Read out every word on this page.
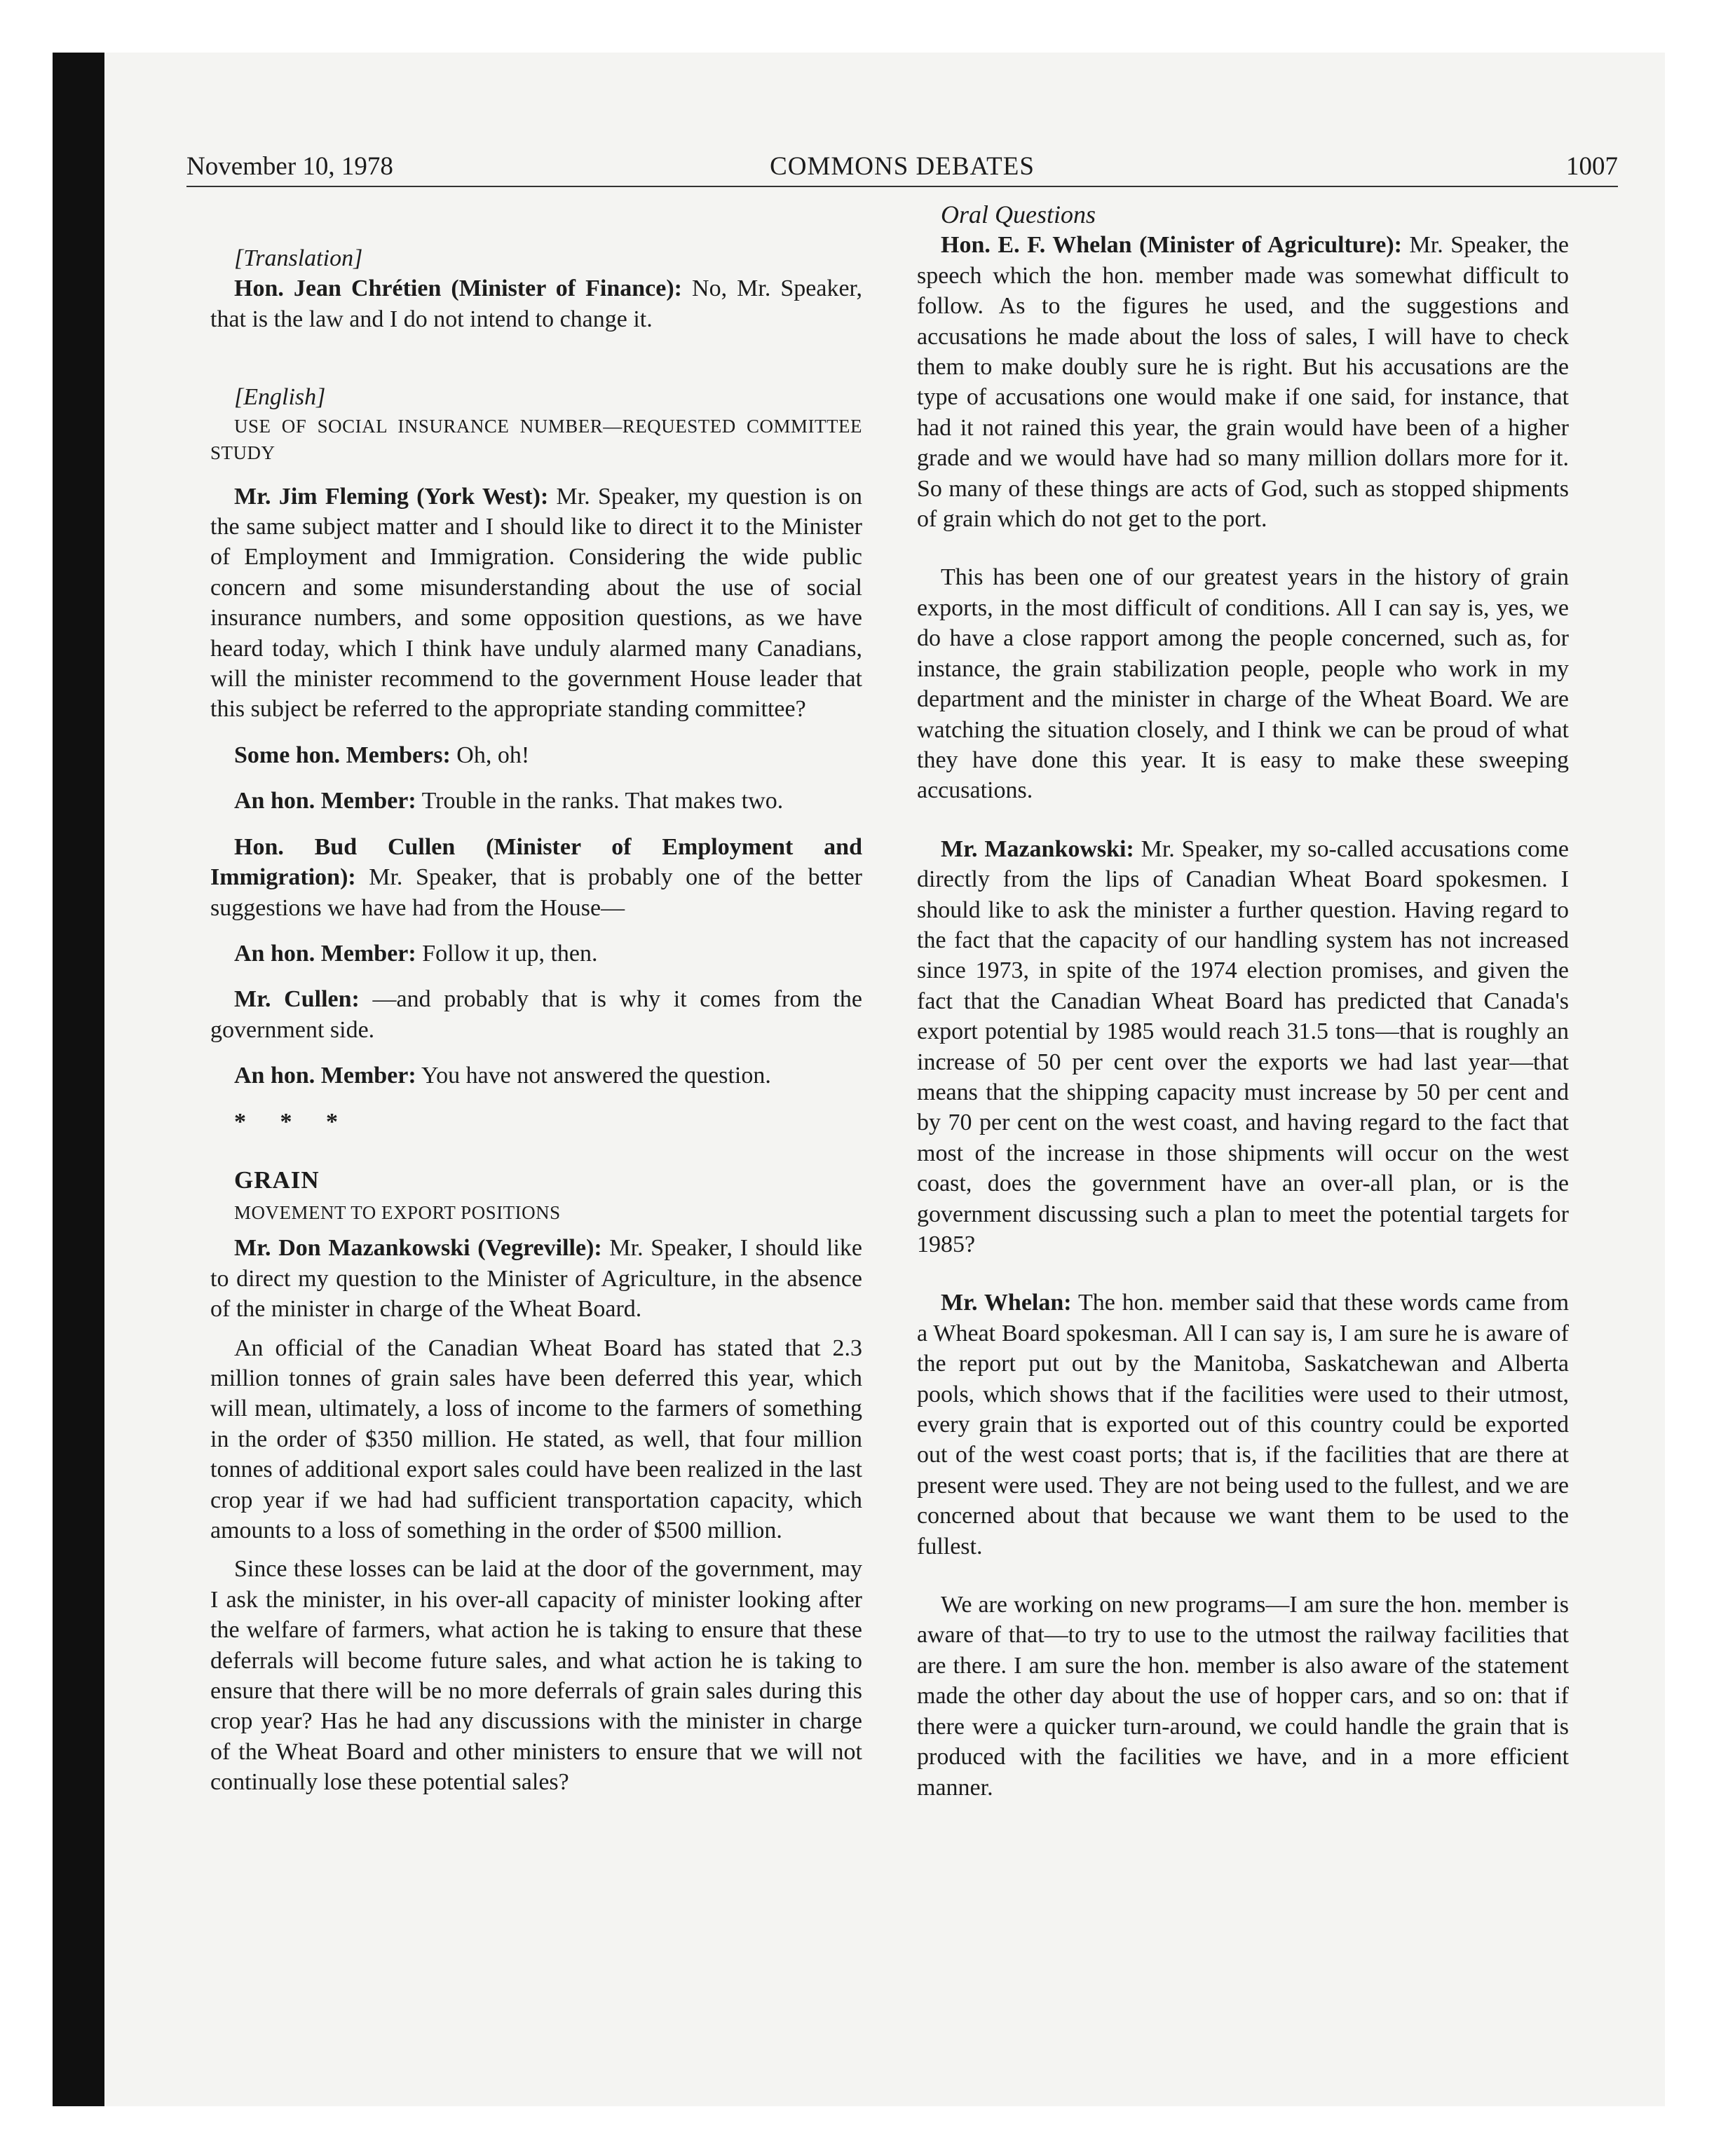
November 10, 1978	COMMONS DEBATES	1007

[Translation]

Hon. Jean Chrétien (Minister of Finance): No, Mr. Speaker, that is the law and I do not intend to change it.

[English]

USE OF SOCIAL INSURANCE NUMBER—REQUESTED COMMITTEE STUDY

Mr. Jim Fleming (York West): Mr. Speaker, my question is on the same subject matter and I should like to direct it to the Minister of Employment and Immigration. Considering the wide public concern and some misunderstanding about the use of social insurance numbers, and some opposition questions, as we have heard today, which I think have unduly alarmed many Canadians, will the minister recommend to the government House leader that this subject be referred to the appropriate standing committee?

Some hon. Members: Oh, oh!

An hon. Member: Trouble in the ranks. That makes two.

Hon. Bud Cullen (Minister of Employment and Immigration): Mr. Speaker, that is probably one of the better suggestions we have had from the House—

An hon. Member: Follow it up, then.

Mr. Cullen: —and probably that is why it comes from the government side.

An hon. Member: You have not answered the question.

* * *

GRAIN

MOVEMENT TO EXPORT POSITIONS

Mr. Don Mazankowski (Vegreville): Mr. Speaker, I should like to direct my question to the Minister of Agriculture, in the absence of the minister in charge of the Wheat Board.

An official of the Canadian Wheat Board has stated that 2.3 million tonnes of grain sales have been deferred this year, which will mean, ultimately, a loss of income to the farmers of something in the order of $350 million. He stated, as well, that four million tonnes of additional export sales could have been realized in the last crop year if we had had sufficient transportation capacity, which amounts to a loss of something in the order of $500 million.

Since these losses can be laid at the door of the government, may I ask the minister, in his over-all capacity of minister looking after the welfare of farmers, what action he is taking to ensure that these deferrals will become future sales, and what action he is taking to ensure that there will be no more deferrals of grain sales during this crop year? Has he had any discussions with the minister in charge of the Wheat Board and other ministers to ensure that we will not continually lose these potential sales?

Oral Questions

Hon. E. F. Whelan (Minister of Agriculture): Mr. Speaker, the speech which the hon. member made was somewhat difficult to follow. As to the figures he used, and the suggestions and accusations he made about the loss of sales, I will have to check them to make doubly sure he is right. But his accusations are the type of accusations one would make if one said, for instance, that had it not rained this year, the grain would have been of a higher grade and we would have had so many million dollars more for it. So many of these things are acts of God, such as stopped shipments of grain which do not get to the port.

This has been one of our greatest years in the history of grain exports, in the most difficult of conditions. All I can say is, yes, we do have a close rapport among the people concerned, such as, for instance, the grain stabilization people, people who work in my department and the minister in charge of the Wheat Board. We are watching the situation closely, and I think we can be proud of what they have done this year. It is easy to make these sweeping accusations.

Mr. Mazankowski: Mr. Speaker, my so-called accusations come directly from the lips of Canadian Wheat Board spokesmen. I should like to ask the minister a further question. Having regard to the fact that the capacity of our handling system has not increased since 1973, in spite of the 1974 election promises, and given the fact that the Canadian Wheat Board has predicted that Canada's export potential by 1985 would reach 31.5 tons—that is roughly an increase of 50 per cent over the exports we had last year—that means that the shipping capacity must increase by 50 per cent and by 70 per cent on the west coast, and having regard to the fact that most of the increase in those shipments will occur on the west coast, does the government have an over-all plan, or is the government discussing such a plan to meet the potential targets for 1985?

Mr. Whelan: The hon. member said that these words came from a Wheat Board spokesman. All I can say is, I am sure he is aware of the report put out by the Manitoba, Saskatchewan and Alberta pools, which shows that if the facilities were used to their utmost, every grain that is exported out of this country could be exported out of the west coast ports; that is, if the facilities that are there at present were used. They are not being used to the fullest, and we are concerned about that because we want them to be used to the fullest.

We are working on new programs—I am sure the hon. member is aware of that—to try to use to the utmost the railway facilities that are there. I am sure the hon. member is also aware of the statement made the other day about the use of hopper cars, and so on: that if there were a quicker turn-around, we could handle the grain that is produced with the facilities we have, and in a more efficient manner.
